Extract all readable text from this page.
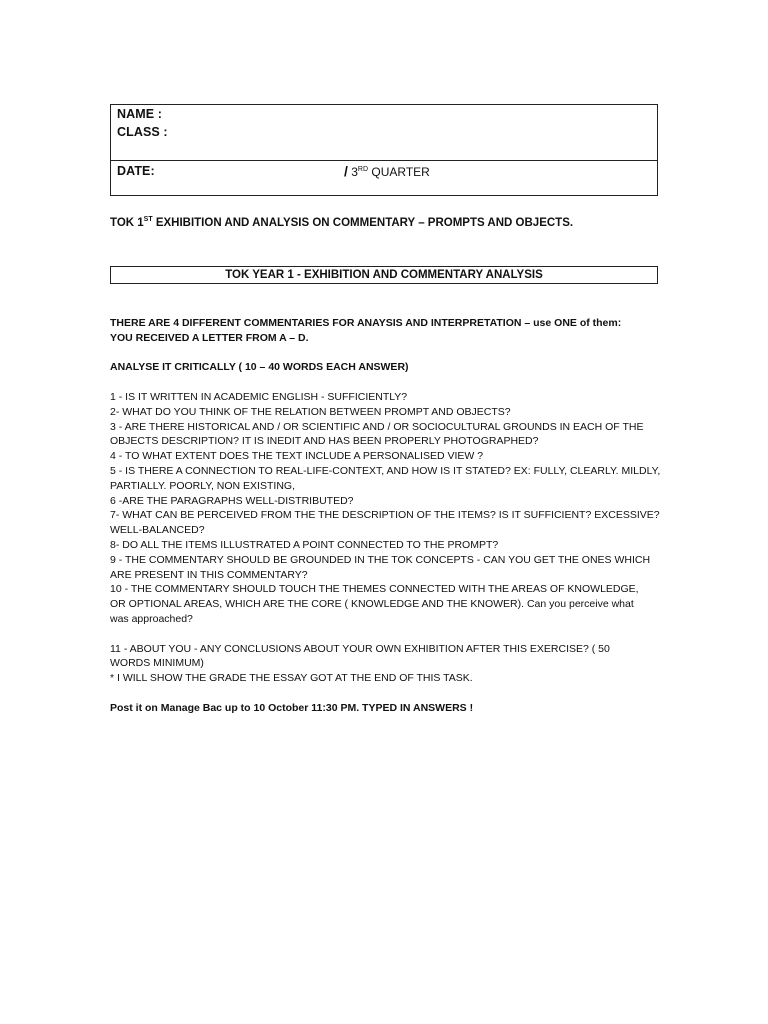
NAME :
CLASS :
DATE:	/ 3RD QUARTER
TOK 1ST EXHIBITION AND ANALYSIS ON COMMENTARY – PROMPTS AND OBJECTS.
TOK YEAR 1 - EXHIBITION AND COMMENTARY ANALYSIS

THERE ARE 4 DIFFERENT COMMENTARIES FOR ANAYSIS AND INTERPRETATION – use ONE of them:

YOU RECEIVED A LETTER FROM A – D.

ANALYSE IT CRITICALLY ( 10 – 40 WORDS EACH ANSWER)

1 - IS IT WRITTEN IN ACADEMIC ENGLISH - SUFFICIENTLY?

2- WHAT DO YOU THINK OF THE RELATION BETWEEN PROMPT AND OBJECTS?

3 - ARE THERE HISTORICAL AND / OR SCIENTIFIC AND / OR SOCIOCULTURAL GROUNDS IN EACH OF THE

OBJECTS DESCRIPTION? IT IS INEDIT AND HAS BEEN PROPERLY PHOTOGRAPHED?

4 - TO WHAT EXTENT DOES THE TEXT INCLUDE A PERSONALISED VIEW ?

5 - IS THERE A CONNECTION TO REAL-LIFE-CONTEXT, AND HOW IS IT STATED? EX: FULLY, CLEARLY. MILDLY,

PARTIALLY. POORLY, NON EXISTING,

6 -ARE THE PARAGRAPHS WELL-DISTRIBUTED?

7- WHAT CAN BE PERCEIVED FROM THE THE DESCRIPTION OF THE ITEMS? IS IT SUFFICIENT? EXCESSIVE?

WELL-BALANCED?

8- DO ALL THE ITEMS ILLUSTRATED A POINT CONNECTED TO THE PROMPT?

9 - THE COMMENTARY SHOULD BE GROUNDED IN THE TOK CONCEPTS - CAN YOU GET THE ONES WHICH

ARE PRESENT IN THIS COMMENTARY?

10 - THE COMMENTARY SHOULD TOUCH THE THEMES CONNECTED WITH THE AREAS OF KNOWLEDGE,

OR OPTIONAL AREAS, WHICH ARE THE CORE ( KNOWLEDGE AND THE KNOWER). Can you perceive what

was approached?

11 - ABOUT YOU - ANY CONCLUSIONS ABOUT YOUR OWN EXHIBITION AFTER THIS EXERCISE? ( 50

WORDS MINIMUM)

* I WILL SHOW THE GRADE THE ESSAY GOT AT THE END OF THIS TASK.

Post it on Manage Bac up to 10 October 11:30 PM. TYPED IN ANSWERS !
